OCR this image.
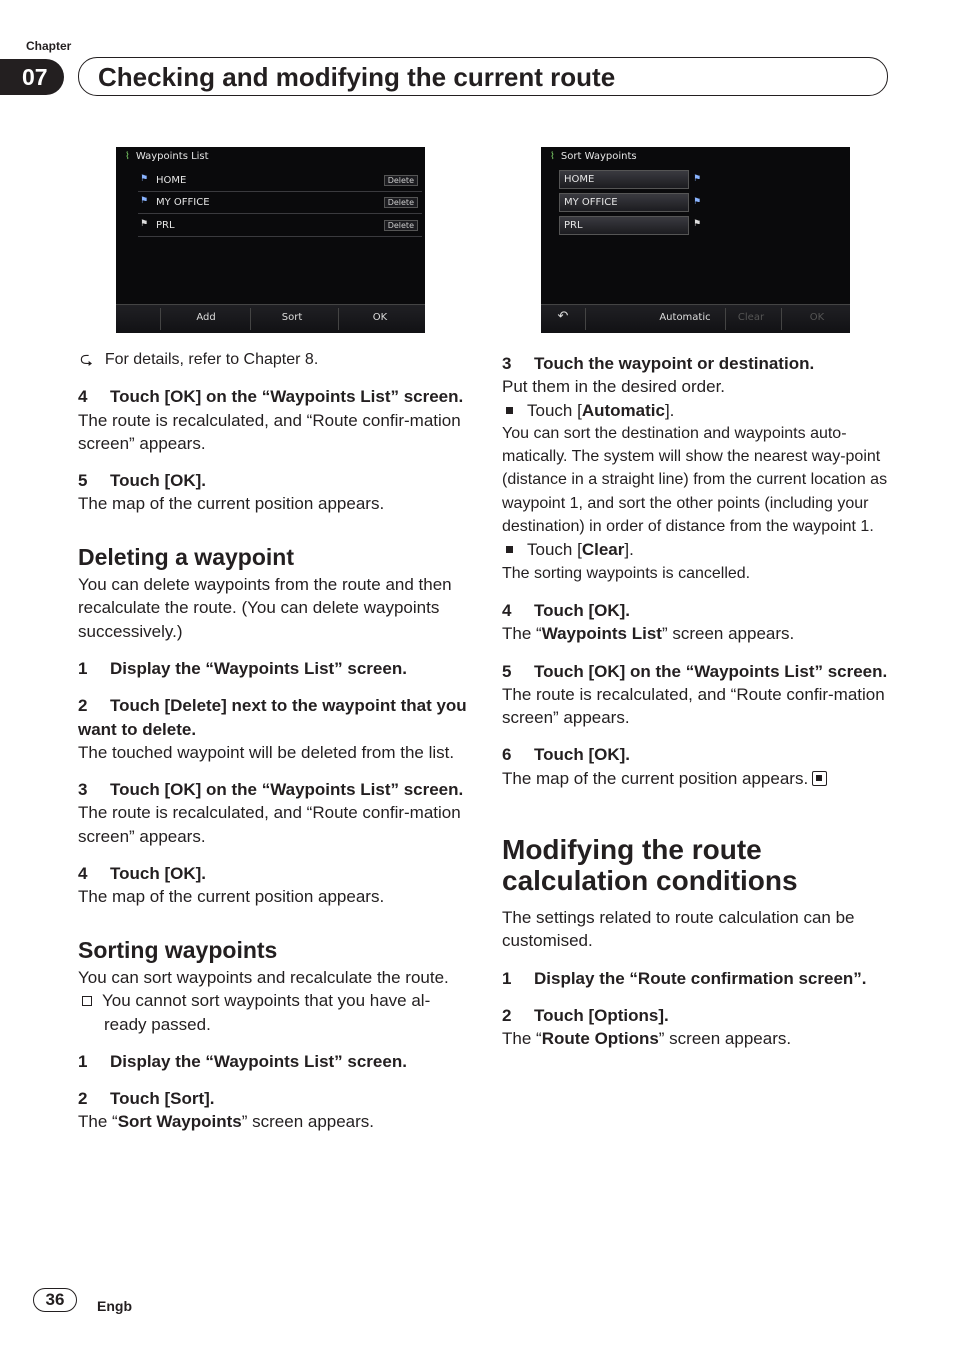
Chapter
07	Checking and modifying the current route
⌇ Waypoints List
⚑ HOME	Delete
⚑ MY OFFICE	Delete
⚑ PRL	Delete
Add	Sort	OK
⌇ Sort Waypoints
HOME	⚑
MY OFFICE	⚑
PRL	⚑
↶	Automatic	Clear	OK

⮎ For details, refer to Chapter 8.

4 Touch [OK] on the “Waypoints List” screen.

The route is recalculated, and “Route confir-mation screen” appears.

5 Touch [OK].

The map of the current position appears.

Deleting a waypoint

You can delete waypoints from the route and then recalculate the route. (You can delete waypoints successively.)

1 Display the “Waypoints List” screen.

2 Touch [Delete] next to the waypoint that you want to delete.

The touched waypoint will be deleted from the list.

3 Touch [OK] on the “Waypoints List” screen.

The route is recalculated, and “Route confir-mation screen” appears.

4 Touch [OK].

The map of the current position appears.

Sorting waypoints

You can sort waypoints and recalculate the route.

You cannot sort waypoints that you have al-ready passed.

1 Display the “Waypoints List” screen.

2 Touch [Sort].

The “Sort Waypoints” screen appears.

3 Touch the waypoint or destination.

Put them in the desired order.

Touch [Automatic].

You can sort the destination and waypoints auto-matically. The system will show the nearest way-point (distance in a straight line) from the current location as waypoint 1, and sort the other points (including your destination) in order of distance from the waypoint 1.

Touch [Clear].

The sorting waypoints is cancelled.

4 Touch [OK].

The “Waypoints List” screen appears.

5 Touch [OK] on the “Waypoints List” screen.

The route is recalculated, and “Route confir-mation screen” appears.

6 Touch [OK].

The map of the current position appears.

Modifying the route calculation conditions

The settings related to route calculation can be customised.

1 Display the “Route confirmation screen”.

2 Touch [Options].

The “Route Options” screen appears.

36	Engb
